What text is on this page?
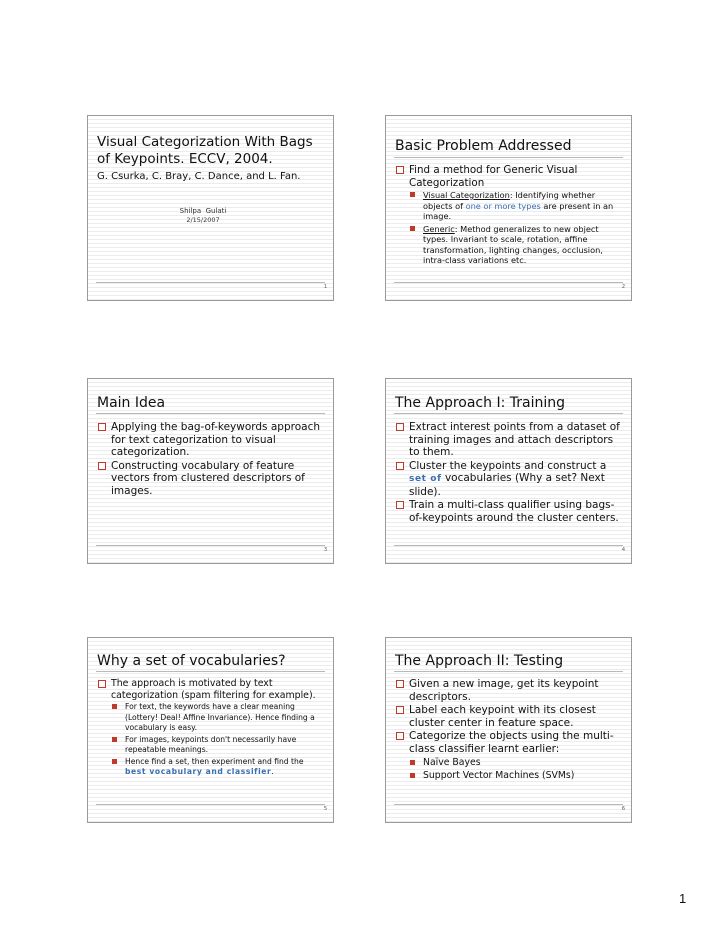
Visual Categorization With Bags
of Keypoints. ECCV, 2004.
G. Csurka, C. Bray, C. Dance, and L. Fan.
Shilpa  Gulati
2/15/2007
1
Basic Problem Addressed

Find a method for Generic Visual Categorization

Visual Categorization: Identifying whether objects of one or more types are present in an image.

Generic: Method generalizes to new object types. Invariant to scale, rotation, affine transformation, lighting changes, occlusion, intra-class variations etc.

2
Main Idea

Applying the bag-of-keywords approach for text categorization to visual categorization.

Constructing vocabulary of feature vectors from clustered descriptors of images.

3
The Approach I: Training

Extract interest points from a dataset of training images and attach descriptors to them.

Cluster the keypoints and construct a set of vocabularies (Why a set? Next slide).

Train a multi-class qualifier using bags-of-keypoints around the cluster centers.

4
Why a set of vocabularies?

The approach is motivated by text categorization (spam filtering for example).

For text, the keywords have a clear meaning (Lottery! Deal! Affine Invariance). Hence finding a vocabulary is easy.

For images, keypoints don't necessarily have repeatable meanings.

Hence find a set, then experiment and find the best vocabulary and classifier.

5
The Approach II: Testing

Given a new image, get its keypoint descriptors.

Label each keypoint with its closest cluster center in feature space.

Categorize the objects using the multi-class classifier learnt earlier:

Naïve Bayes

Support Vector Machines (SVMs)

6
1
